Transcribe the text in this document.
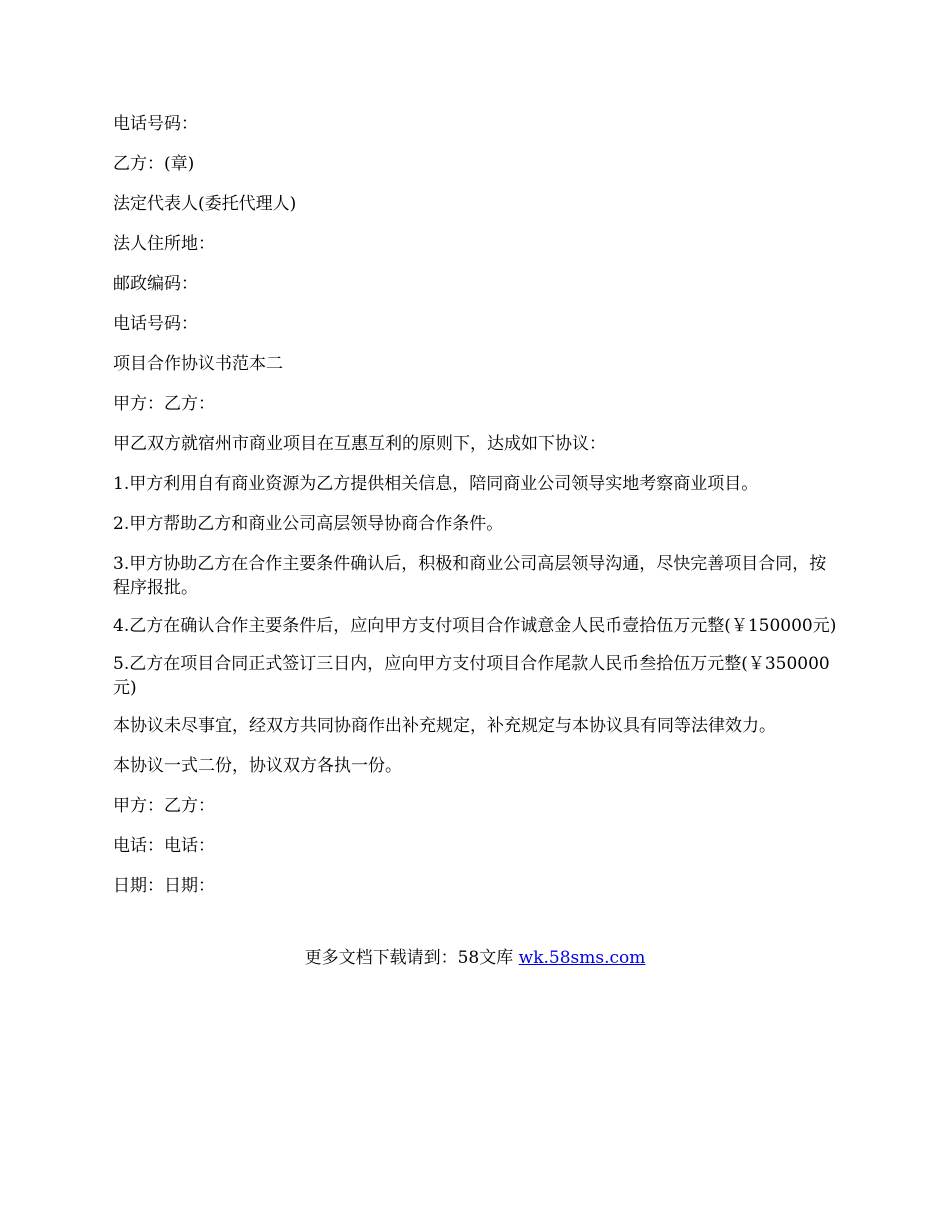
电话号码：

乙方：(章)

法定代表人(委托代理人)

法人住所地：

邮政编码：

电话号码：

项目合作协议书范本二

甲方：乙方：

甲乙双方就宿州市商业项目在互惠互利的原则下，达成如下协议：

1.甲方利用自有商业资源为乙方提供相关信息，陪同商业公司领导实地考察商业项目。

2.甲方帮助乙方和商业公司高层领导协商合作条件。

3.甲方协助乙方在合作主要条件确认后，积极和商业公司高层领导沟通，尽快完善项目合同，按程序报批。

4.乙方在确认合作主要条件后，应向甲方支付项目合作诚意金人民币壹拾伍万元整(￥150000元)

5.乙方在项目合同正式签订三日内，应向甲方支付项目合作尾款人民币叁拾伍万元整(￥350000元)

本协议未尽事宜，经双方共同协商作出补充规定，补充规定与本协议具有同等法律效力。

本协议一式二份，协议双方各执一份。

甲方：乙方：

电话：电话：

日期：日期：

更多文档下载请到：58文库 wk.58sms.com
